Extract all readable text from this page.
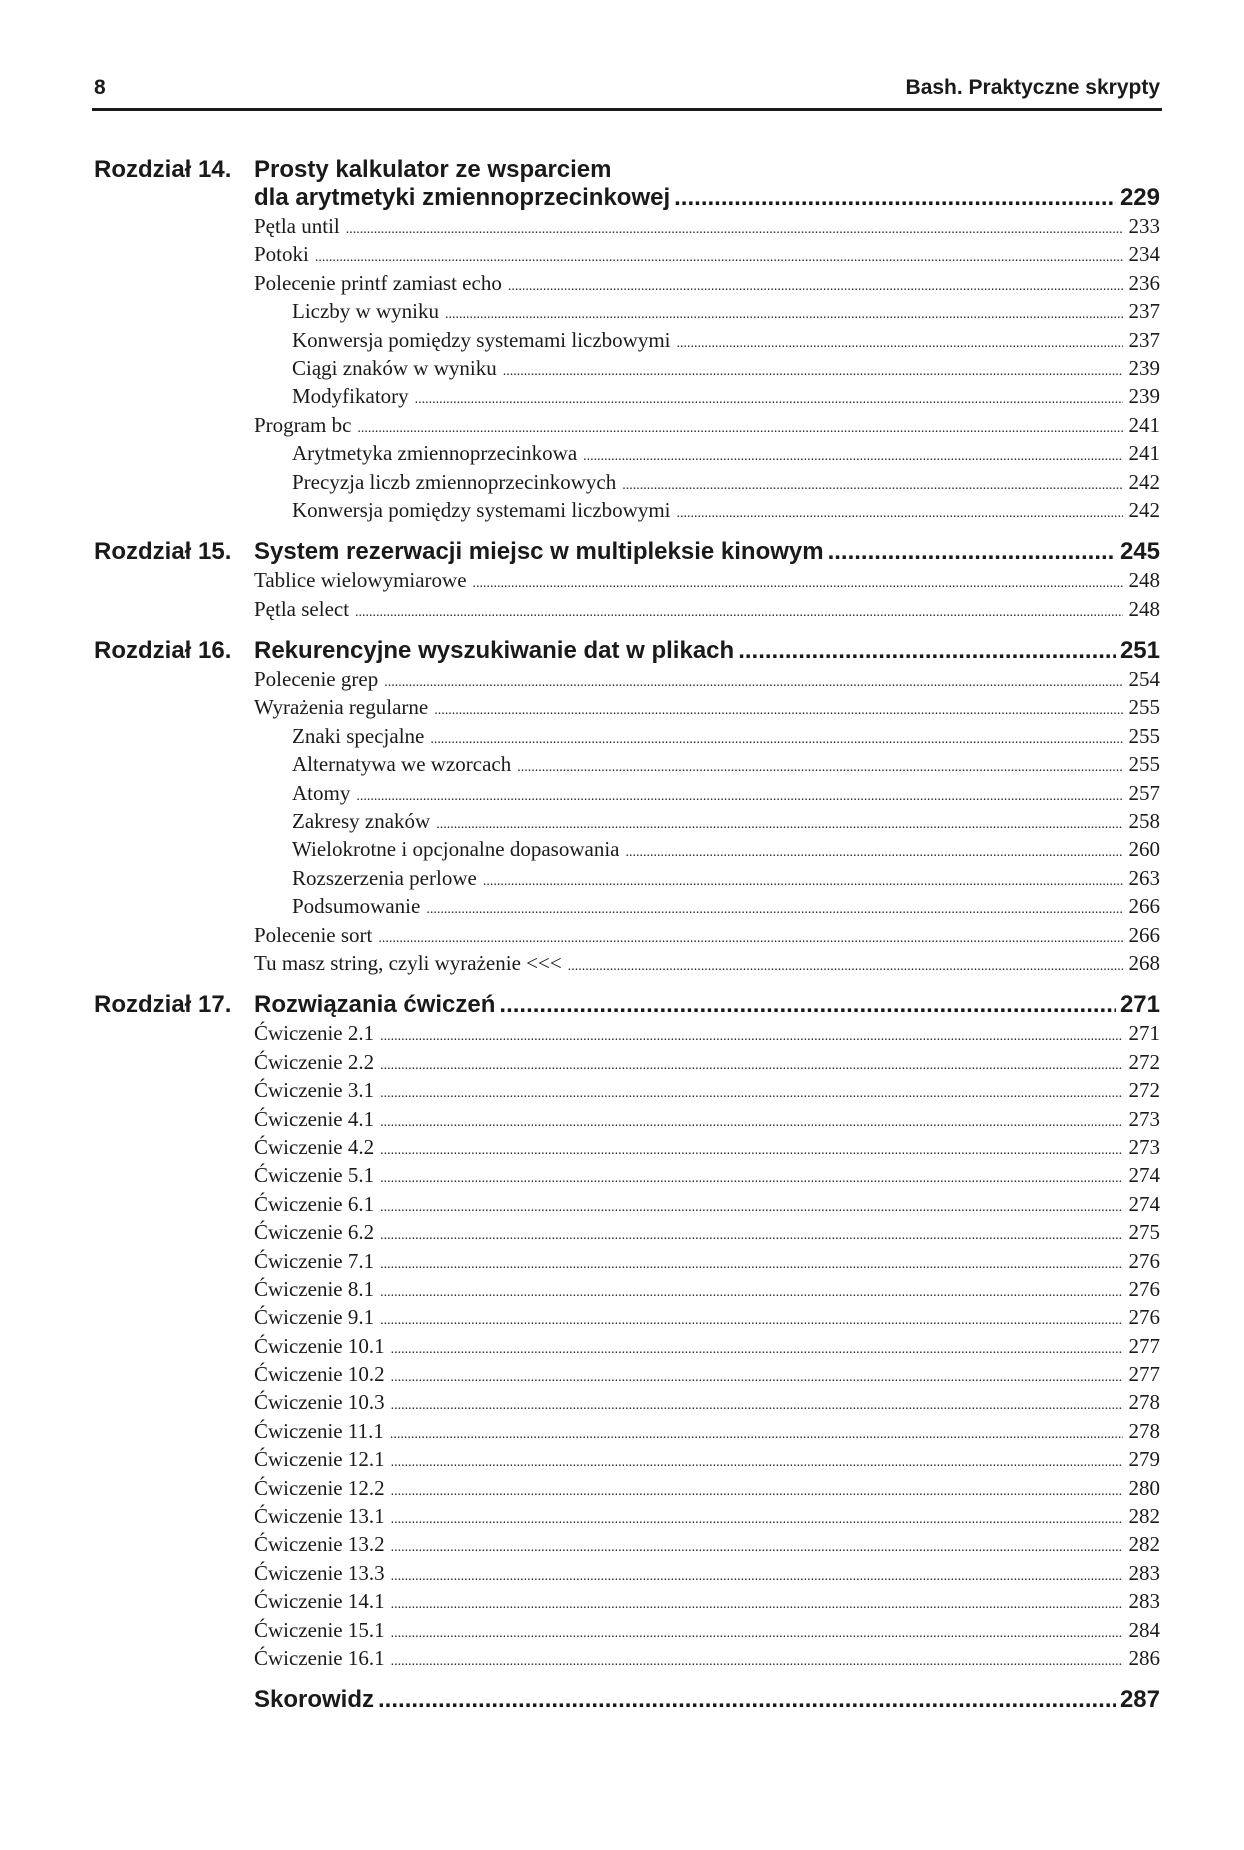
8	Bash. Praktyczne skrypty
Rozdział 14. Prosty kalkulator ze wsparciem
dla arytmetyki zmiennoprzecinkowej .....	229
Pętla until .....	233
Potoki .....	234
Polecenie printf zamiast echo .....	236
Liczby w wyniku .....	237
Konwersja pomiędzy systemami liczbowymi .....	237
Ciągi znaków w wyniku .....	239
Modyfikatory .....	239
Program bc .....	241
Arytmetyka zmiennoprzecinkowa .....	241
Precyzja liczb zmiennoprzecinkowych .....	242
Konwersja pomiędzy systemami liczbowymi .....	242
Rozdział 15. System rezerwacji miejsc w multipleksie kinowym .....	245
Tablice wielowymiarowe .....	248
Pętla select .....	248
Rozdział 16. Rekurencyjne wyszukiwanie dat w plikach .....	251
Polecenie grep .....	254
Wyrażenia regularne .....	255
Znaki specjalne .....	255
Alternatywa we wzorcach .....	255
Atomy .....	257
Zakresy znaków .....	258
Wielokrotne i opcjonalne dopasowania .....	260
Rozszerzenia perlowe .....	263
Podsumowanie .....	266
Polecenie sort .....	266
Tu masz string, czyli wyrażenie <<< .....	268
Rozdział 17. Rozwiązania ćwiczeń .....	271
Ćwiczenie 2.1 .....	271
Ćwiczenie 2.2 .....	272
Ćwiczenie 3.1 .....	272
Ćwiczenie 4.1 .....	273
Ćwiczenie 4.2 .....	273
Ćwiczenie 5.1 .....	274
Ćwiczenie 6.1 .....	274
Ćwiczenie 6.2 .....	275
Ćwiczenie 7.1 .....	276
Ćwiczenie 8.1 .....	276
Ćwiczenie 9.1 .....	276
Ćwiczenie 10.1 .....	277
Ćwiczenie 10.2 .....	277
Ćwiczenie 10.3 .....	278
Ćwiczenie 11.1 .....	278
Ćwiczenie 12.1 .....	279
Ćwiczenie 12.2 .....	280
Ćwiczenie 13.1 .....	282
Ćwiczenie 13.2 .....	282
Ćwiczenie 13.3 .....	283
Ćwiczenie 14.1 .....	283
Ćwiczenie 15.1 .....	284
Ćwiczenie 16.1 .....	286
Skorowidz .....	287
